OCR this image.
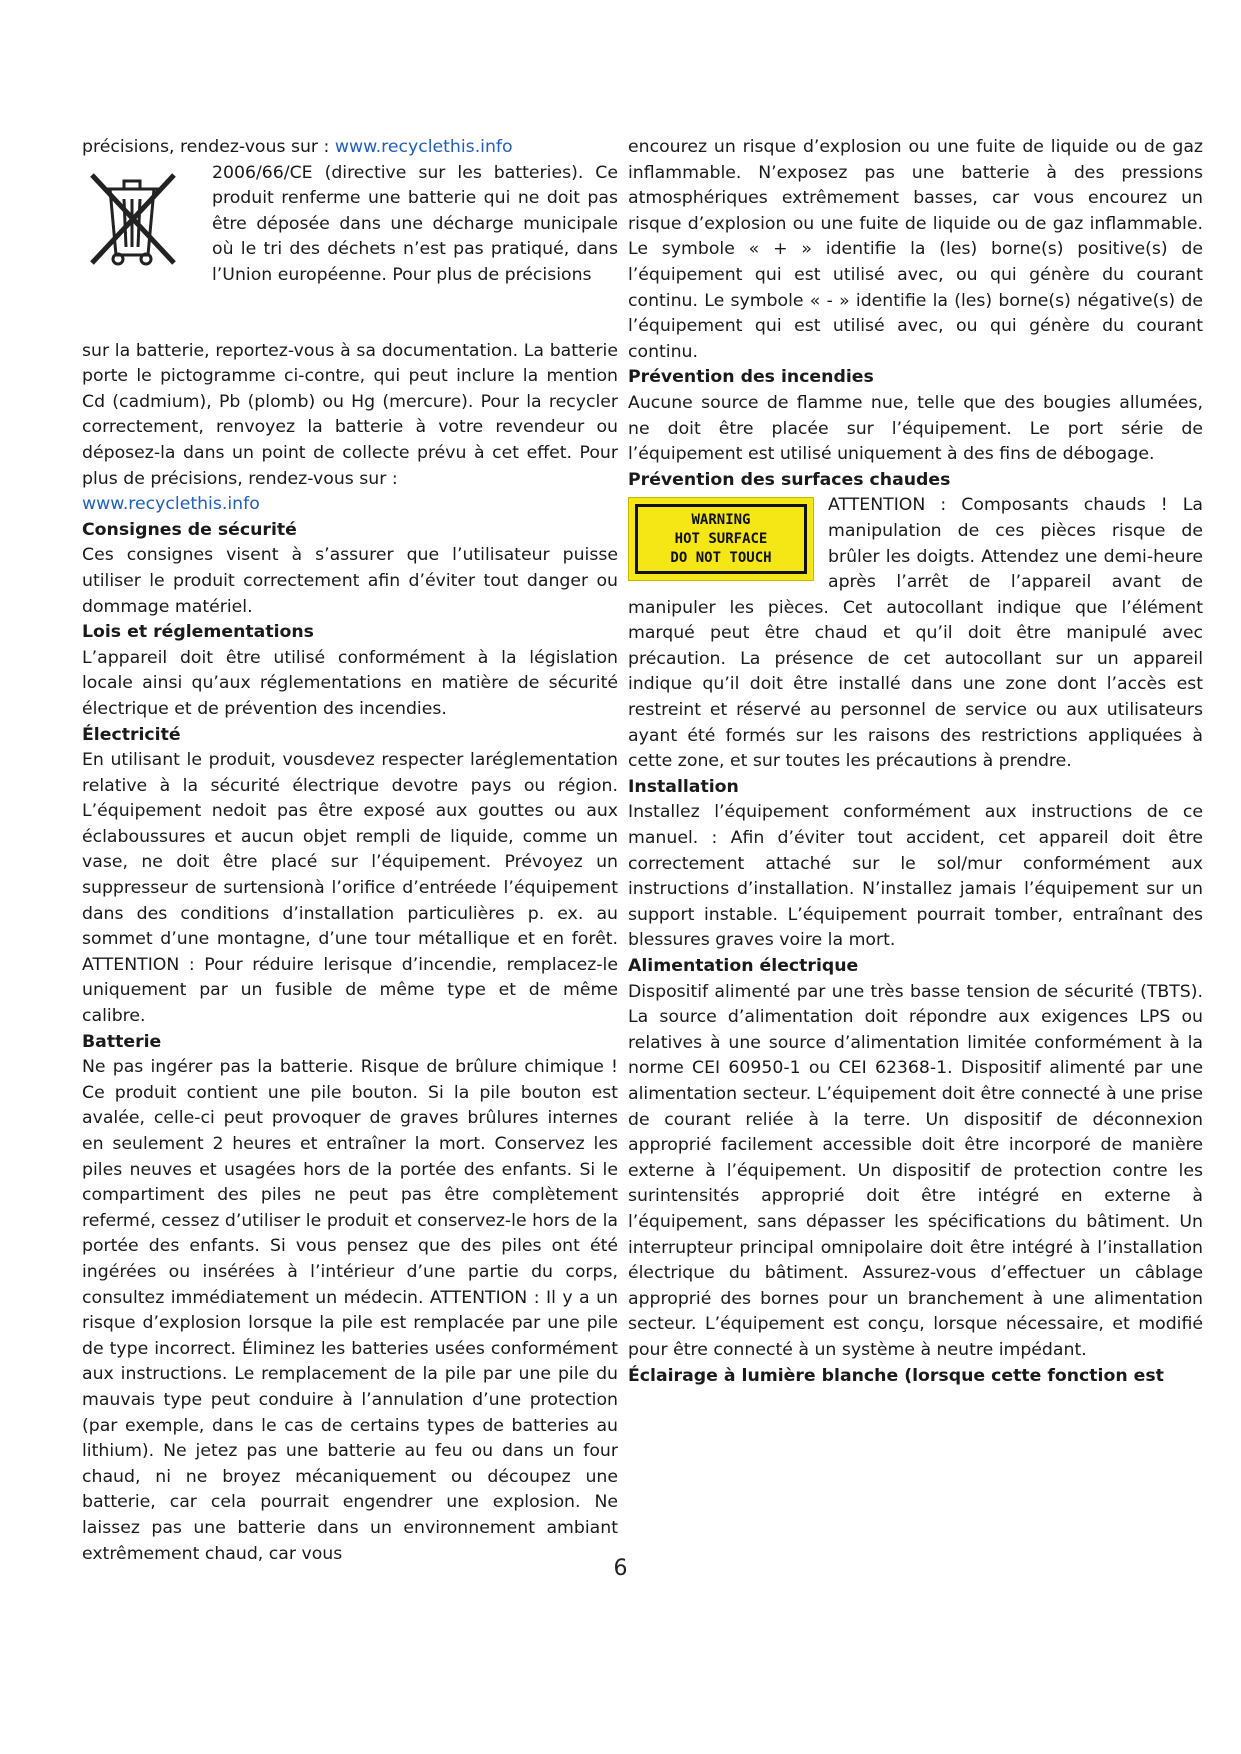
précisions, rendez-vous sur : www.recyclethis.info

2006/66/CE (directive sur les batteries). Ce produit renferme une batterie qui ne doit pas être déposée dans une décharge municipale où le tri des déchets n’est pas pratiqué, dans l’Union européenne. Pour plus de précisions

sur la batterie, reportez-vous à sa documentation. La batterie porte le pictogramme ci-contre, qui peut inclure la mention Cd (cadmium), Pb (plomb) ou Hg (mercure). Pour la recycler correctement, renvoyez la batterie à votre revendeur ou déposez-la dans un point de collecte prévu à cet effet. Pour plus de précisions, rendez-vous sur :
www.recyclethis.info

Consignes de sécurité

Ces consignes visent à s’assurer que l’utilisateur puisse utiliser le produit correctement afin d’éviter tout danger ou dommage matériel.

Lois et réglementations

L’appareil doit être utilisé conformément à la législation locale ainsi qu’aux réglementations en matière de sécurité électrique et de prévention des incendies.

Électricité

En utilisant le produit, vousdevez respecter laréglementation relative à la sécurité électrique devotre pays ou région. L’équipement nedoit pas être exposé aux gouttes ou aux éclaboussures et aucun objet rempli de liquide, comme un vase, ne doit être placé sur l’équipement. Prévoyez un suppresseur de surtensionà l’orifice d’entréede l’équipement dans des conditions d’installation particulières p. ex. au sommet d’une montagne, d’une tour métallique et en forêt. ATTENTION : Pour réduire lerisque d’incendie, remplacez-le uniquement par un fusible de même type et de même calibre.

Batterie

Ne pas ingérer pas la batterie. Risque de brûlure chimique ! Ce produit contient une pile bouton. Si la pile bouton est avalée, celle-ci peut provoquer de graves brûlures internes en seulement 2 heures et entraîner la mort. Conservez les piles neuves et usagées hors de la portée des enfants. Si le compartiment des piles ne peut pas être complètement refermé, cessez d’utiliser le produit et conservez-le hors de la portée des enfants. Si vous pensez que des piles ont été ingérées ou insérées à l’intérieur d’une partie du corps, consultez immédiatement un médecin. ATTENTION : Il y a un risque d’explosion lorsque la pile est remplacée par une pile de type incorrect. Éliminez les batteries usées conformément aux instructions. Le remplacement de la pile par une pile du mauvais type peut conduire à l’annulation d’une protection (par exemple, dans le cas de certains types de batteries au lithium). Ne jetez pas une batterie au feu ou dans un four chaud, ni ne broyez mécaniquement ou découpez une batterie, car cela pourrait engendrer une explosion. Ne laissez pas une batterie dans un environnement ambiant extrêmement chaud, car vous

encourez un risque d’explosion ou une fuite de liquide ou de gaz inflammable. N’exposez pas une batterie à des pressions atmosphériques extrêmement basses, car vous encourez un risque d’explosion ou une fuite de liquide ou de gaz inflammable. Le symbole « + » identifie la (les) borne(s) positive(s) de l’équipement qui est utilisé avec, ou qui génère du courant continu. Le symbole « - » identifie la (les) borne(s) négative(s) de l’équipement qui est utilisé avec, ou qui génère du courant continu.

Prévention des incendies

Aucune source de flamme nue, telle que des bougies allumées, ne doit être placée sur l’équipement. Le port série de l’équipement est utilisé uniquement à des fins de débogage.

Prévention des surfaces chaudes

WARNING
HOT SURFACE
DO NOT TOUCH

ATTENTION : Composants chauds ! La manipulation de ces pièces risque de brûler les doigts. Attendez une demi-heure après l’arrêt de l’appareil avant de manipuler les pièces. Cet autocollant indique que l’élément marqué peut être chaud et qu’il doit être manipulé avec précaution. La présence de cet autocollant sur un appareil indique qu’il doit être installé dans une zone dont l’accès est restreint et réservé au personnel de service ou aux utilisateurs ayant été formés sur les raisons des restrictions appliquées à cette zone, et sur toutes les précautions à prendre.

Installation

Installez l’équipement conformément aux instructions de ce manuel. : Afin d’éviter tout accident, cet appareil doit être correctement attaché sur le sol/mur conformément aux instructions d’installation. N’installez jamais l’équipement sur un support instable. L’équipement pourrait tomber, entraînant des blessures graves voire la mort.

Alimentation électrique

Dispositif alimenté par une très basse tension de sécurité (TBTS). La source d’alimentation doit répondre aux exigences LPS ou relatives à une source d’alimentation limitée conformément à la norme CEI 60950-1 ou CEI 62368-1. Dispositif alimenté par une alimentation secteur. L’équipement doit être connecté à une prise de courant reliée à la terre. Un dispositif de déconnexion approprié facilement accessible doit être incorporé de manière externe à l’équipement. Un dispositif de protection contre les surintensités approprié doit être intégré en externe à l’équipement, sans dépasser les spécifications du bâtiment. Un interrupteur principal omnipolaire doit être intégré à l’installation électrique du bâtiment. Assurez-vous d’effectuer un câblage approprié des bornes pour un branchement à une alimentation secteur. L’équipement est conçu, lorsque nécessaire, et modifié pour être connecté à un système à neutre impédant.

Éclairage à lumière blanche (lorsque cette fonction est

6
